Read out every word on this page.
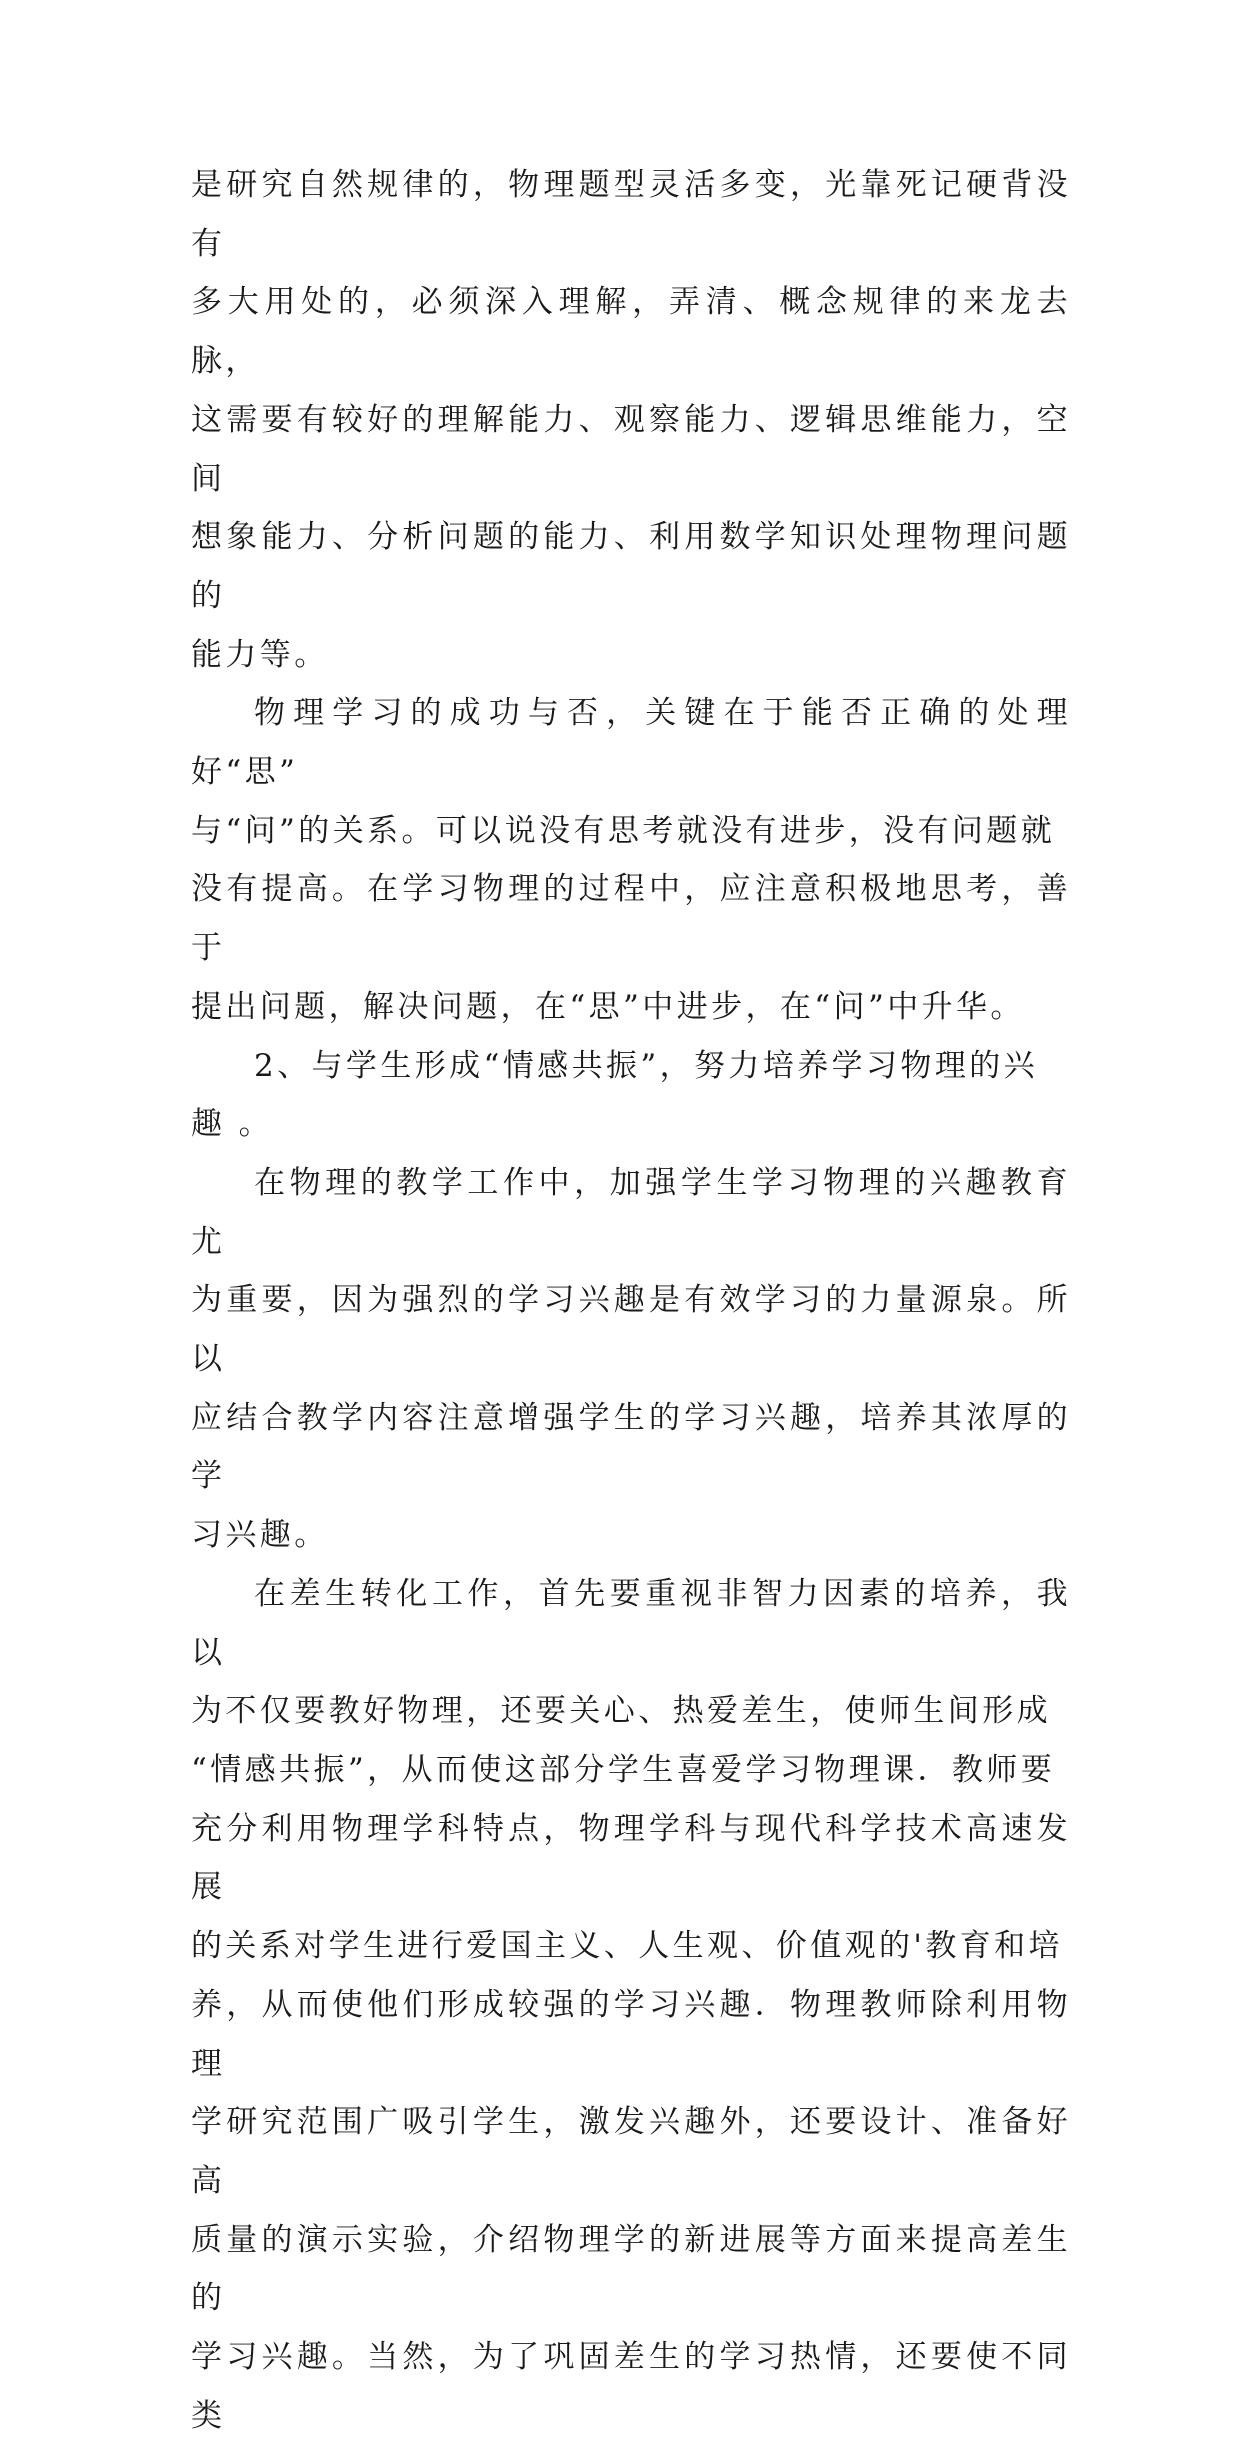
是研究自然规律的，物理题型灵活多变，光靠死记硬背没有
多大用处的，必须深入理解，弄清、概念规律的来龙去脉，
这需要有较好的理解能力、观察能力、逻辑思维能力，空间
想象能力、分析问题的能力、利用数学知识处理物理问题的
能力等。

物理学习的成功与否，关键在于能否正确的处理好“思”
与“问”的关系。可以说没有思考就没有进步，没有问题就
没有提高。在学习物理的过程中，应注意积极地思考，善于
提出问题，解决问题，在“思”中进步，在“问”中升华。

2、与学生形成“情感共振”，努力培养学习物理的兴
趣 。

在物理的教学工作中，加强学生学习物理的兴趣教育尤
为重要，因为强烈的学习兴趣是有效学习的力量源泉。所以
应结合教学内容注意增强学生的学习兴趣，培养其浓厚的学
习兴趣。

在差生转化工作，首先要重视非智力因素的培养，我以
为不仅要教好物理，还要关心、热爱差生，使师生间形成
“情感共振”，从而使这部分学生喜爱学习物理课．教师要
充分利用物理学科特点，物理学科与现代科学技术高速发展
的关系对学生进行爱国主义、人生观、价值观的'教育和培
养，从而使他们形成较强的学习兴趣．物理教师除利用物理
学研究范围广吸引学生，激发兴趣外，还要设计、准备好高
质量的演示实验，介绍物理学的新进展等方面来提高差生的
学习兴趣。当然，为了巩固差生的学习热情，还要使不同类
